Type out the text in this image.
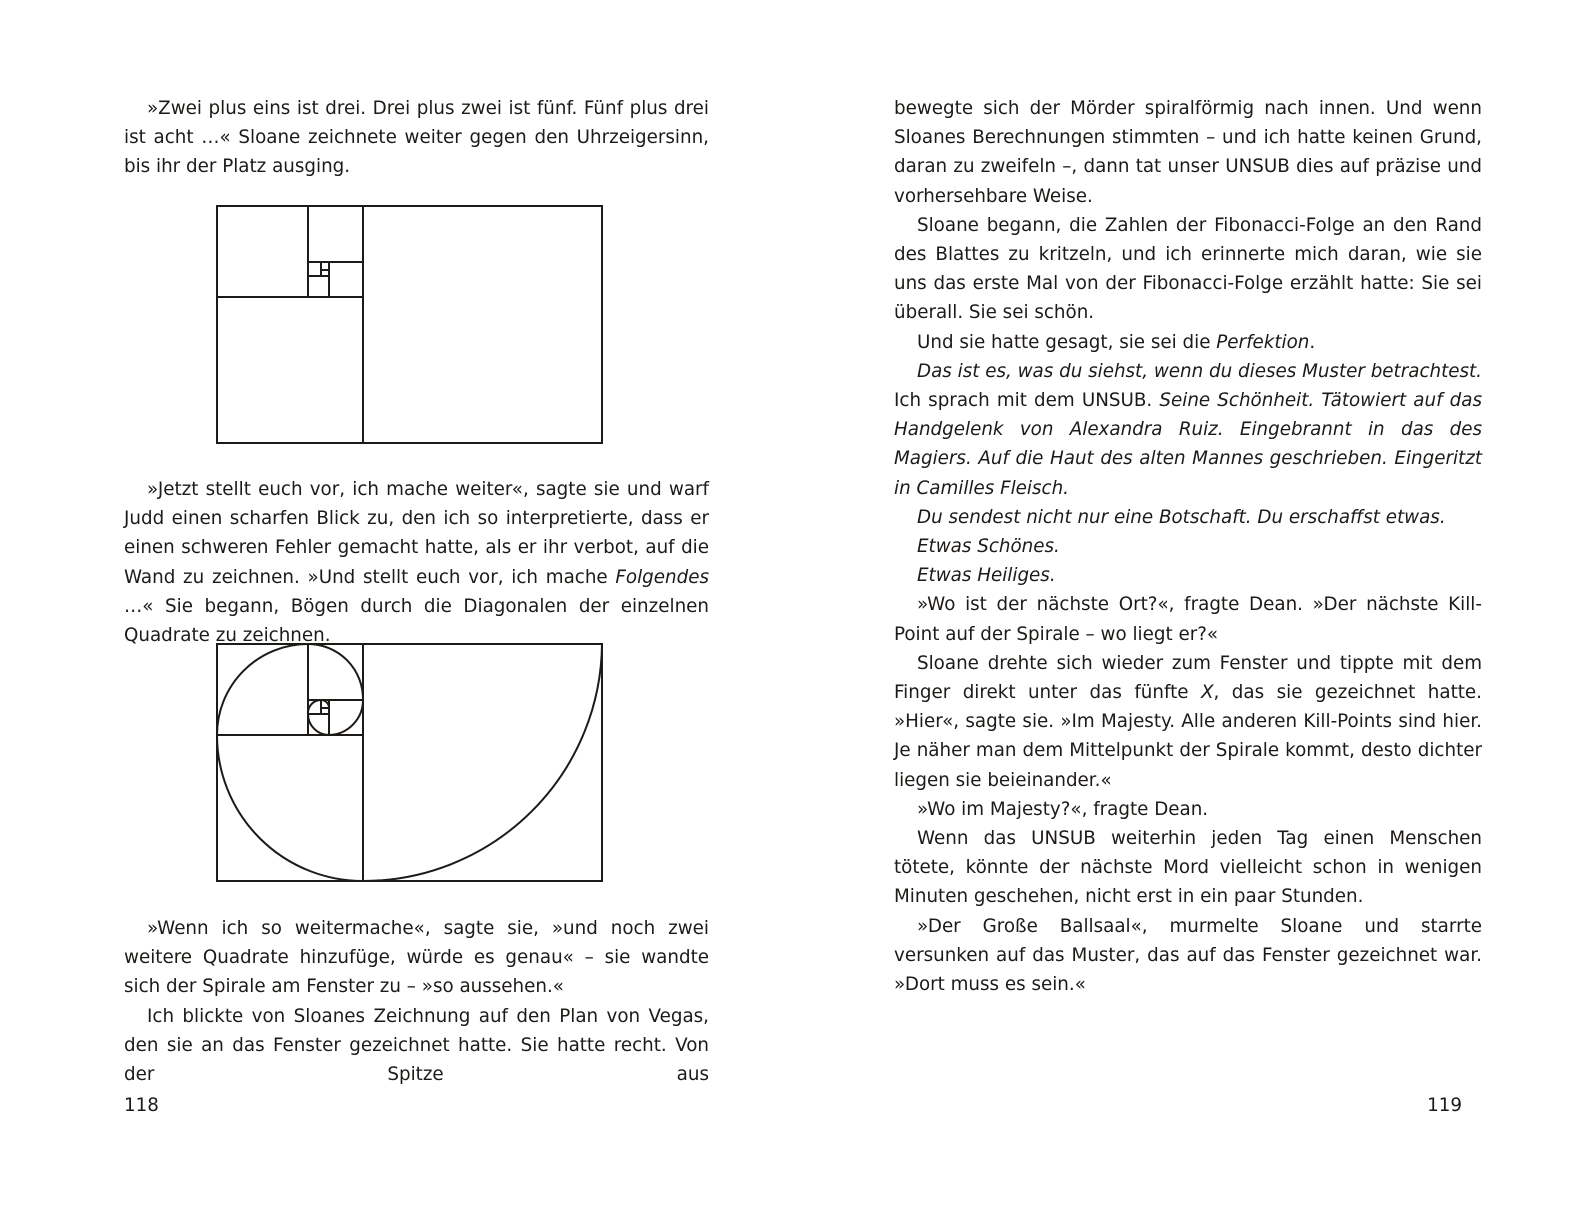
»Zwei plus eins ist drei. Drei plus zwei ist fünf. Fünf plus drei ist acht …« Sloane zeichnete weiter gegen den Uhrzeigersinn, bis ihr der Platz ausging.

»Jetzt stellt euch vor, ich mache weiter«, sagte sie und warf Judd einen scharfen Blick zu, den ich so interpretierte, dass er einen schweren Fehler gemacht hatte, als er ihr verbot, auf die Wand zu zeichnen. »Und stellt euch vor, ich mache Folgendes …« Sie begann, Bögen durch die Diagonalen der einzelnen Quadrate zu zeichnen.

»Wenn ich so weitermache«, sagte sie, »und noch zwei weitere Quadrate hinzufüge, würde es genau« – sie wandte sich der Spirale am Fenster zu – »so aussehen.«

Ich blickte von Sloanes Zeichnung auf den Plan von Vegas, den sie an das Fenster gezeichnet hatte. Sie hatte recht. Von der Spitze aus

118

bewegte sich der Mörder spiralförmig nach innen. Und wenn Sloanes Berechnungen stimmten – und ich hatte keinen Grund, daran zu zweifeln –, dann tat unser UNSUB dies auf präzise und vorhersehbare Weise.

Sloane begann, die Zahlen der Fibonacci-Folge an den Rand des Blattes zu kritzeln, und ich erinnerte mich daran, wie sie uns das erste Mal von der Fibonacci-Folge erzählt hatte: Sie sei überall. Sie sei schön.

Und sie hatte gesagt, sie sei die Perfektion.

Das ist es, was du siehst, wenn du dieses Muster betrachtest. Ich sprach mit dem UNSUB. Seine Schönheit. Tätowiert auf das Handgelenk von Alexandra Ruiz. Eingebrannt in das des Magiers. Auf die Haut des alten Mannes geschrieben. Eingeritzt in Camilles Fleisch.

Du sendest nicht nur eine Botschaft. Du erschaffst etwas.

Etwas Schönes.

Etwas Heiliges.

»Wo ist der nächste Ort?«, fragte Dean. »Der nächste Kill-Point auf der Spirale – wo liegt er?«

Sloane drehte sich wieder zum Fenster und tippte mit dem Finger direkt unter das fünfte X, das sie gezeichnet hatte. »Hier«, sagte sie. »Im Majesty. Alle anderen Kill-Points sind hier. Je näher man dem Mittelpunkt der Spirale kommt, desto dichter liegen sie beieinander.«

»Wo im Majesty?«, fragte Dean.

Wenn das UNSUB weiterhin jeden Tag einen Menschen tötete, könnte der nächste Mord vielleicht schon in wenigen Minuten geschehen, nicht erst in ein paar Stunden.

»Der Große Ballsaal«, murmelte Sloane und starrte versunken auf das Muster, das auf das Fenster gezeichnet war. »Dort muss es sein.«

119
